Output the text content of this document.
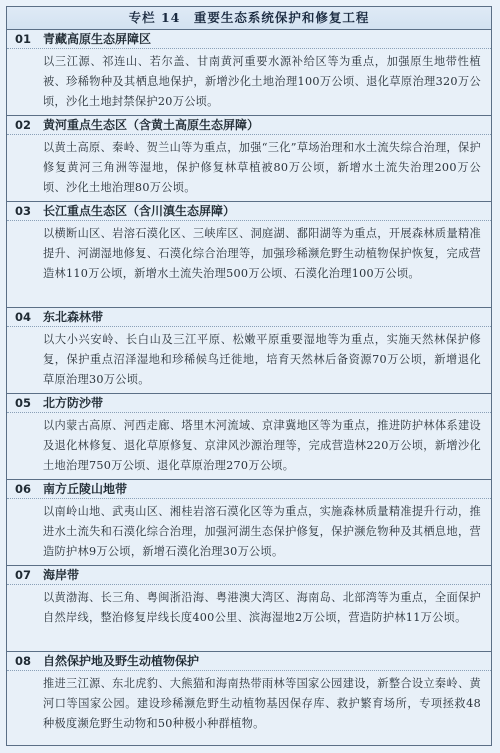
专栏 14　重要生态系统保护和修复工程
01 青藏高原生态屏障区
以三江源、祁连山、若尔盖、甘南黄河重要水源补给区等为重点，加强原生地带性植被、珍稀物种及其栖息地保护，新增沙化土地治理100万公顷、退化草原治理320万公顷，沙化土地封禁保护20万公顷。
02 黄河重点生态区（含黄土高原生态屏障）
以黄土高原、秦岭、贺兰山等为重点，加强“三化”草场治理和水土流失综合治理，保护修复黄河三角洲等湿地，保护修复林草植被80万公顷，新增水土流失治理200万公顷、沙化土地治理80万公顷。
03 长江重点生态区（含川滇生态屏障）
以横断山区、岩溶石漠化区、三峡库区、洞庭湖、鄱阳湖等为重点，开展森林质量精准提升、河湖湿地修复、石漠化综合治理等，加强珍稀濒危野生动植物保护恢复，完成营造林110万公顷，新增水土流失治理500万公顷、石漠化治理100万公顷。
04 东北森林带
以大小兴安岭、长白山及三江平原、松嫩平原重要湿地等为重点，实施天然林保护修复，保护重点沼泽湿地和珍稀候鸟迁徙地，培育天然林后备资源70万公顷，新增退化草原治理30万公顷。
05 北方防沙带
以内蒙古高原、河西走廊、塔里木河流域、京津冀地区等为重点，推进防护林体系建设及退化林修复、退化草原修复、京津风沙源治理等，完成营造林220万公顷，新增沙化土地治理750万公顷、退化草原治理270万公顷。
06 南方丘陵山地带
以南岭山地、武夷山区、湘桂岩溶石漠化区等为重点，实施森林质量精准提升行动，推进水土流失和石漠化综合治理，加强河湖生态保护修复，保护濒危物种及其栖息地，营造防护林9万公顷，新增石漠化治理30万公顷。
07 海岸带
以黄渤海、长三角、粤闽浙沿海、粤港澳大湾区、海南岛、北部湾等为重点，全面保护自然岸线，整治修复岸线长度400公里、滨海湿地2万公顷，营造防护林11万公顷。
08 自然保护地及野生动植物保护
推进三江源、东北虎豹、大熊猫和海南热带雨林等国家公园建设，新整合设立秦岭、黄河口等国家公园。建设珍稀濒危野生动植物基因保存库、救护繁育场所，专项拯救48种极度濒危野生动物和50种极小种群植物。
